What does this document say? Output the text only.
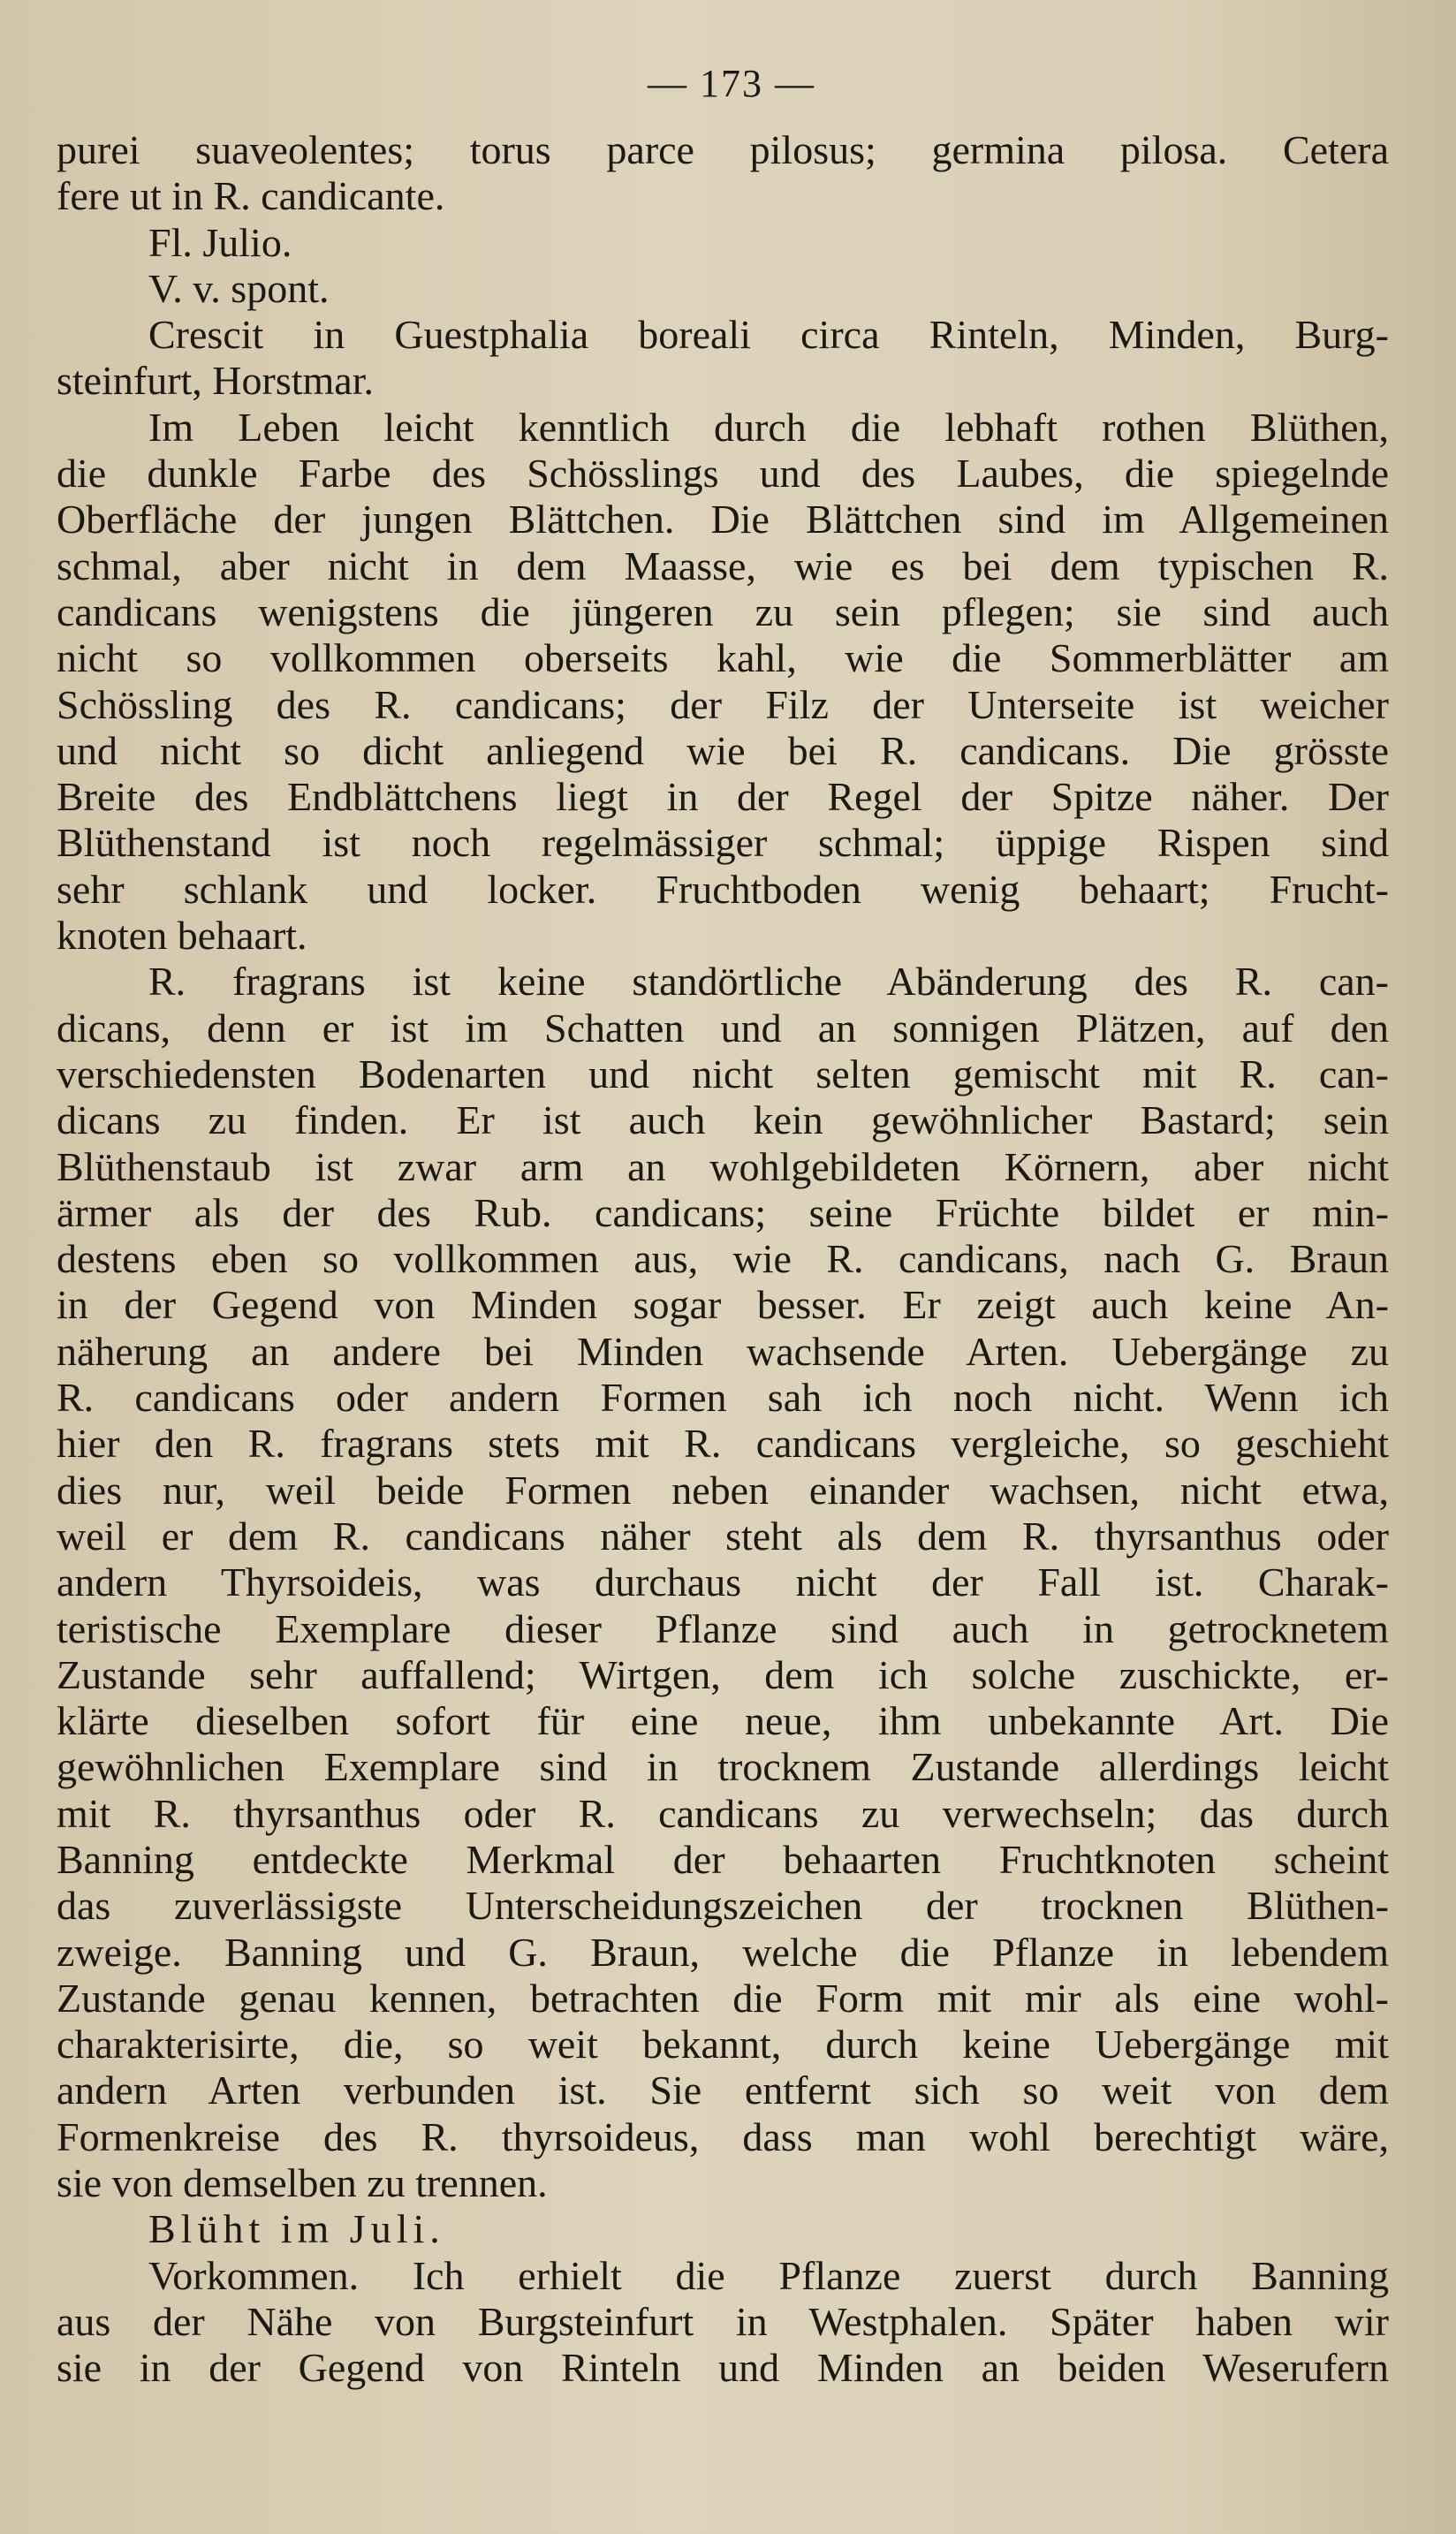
— 173 —
purei suaveolentes; torus parce pilosus; germina pilosa. Cetera
fere ut in R. candicante.
Fl. Julio.
V. v. spont.
Crescit in Guestphalia boreali circa Rinteln, Minden, Burg-
steinfurt, Horstmar.
Im Leben leicht kenntlich durch die lebhaft rothen Blüthen,
die dunkle Farbe des Schösslings und des Laubes, die spiegelnde
Oberfläche der jungen Blättchen. Die Blättchen sind im Allgemeinen
schmal, aber nicht in dem Maasse, wie es bei dem typischen R.
candicans wenigstens die jüngeren zu sein pflegen; sie sind auch
nicht so vollkommen oberseits kahl, wie die Sommerblätter am
Schössling des R. candicans; der Filz der Unterseite ist weicher
und nicht so dicht anliegend wie bei R. candicans. Die grösste
Breite des Endblättchens liegt in der Regel der Spitze näher. Der
Blüthenstand ist noch regelmässiger schmal; üppige Rispen sind
sehr schlank und locker. Fruchtboden wenig behaart; Frucht-
knoten behaart.
R. fragrans ist keine standörtliche Abänderung des R. can-
dicans, denn er ist im Schatten und an sonnigen Plätzen, auf den
verschiedensten Bodenarten und nicht selten gemischt mit R. can-
dicans zu finden. Er ist auch kein gewöhnlicher Bastard; sein
Blüthenstaub ist zwar arm an wohlgebildeten Körnern, aber nicht
ärmer als der des Rub. candicans; seine Früchte bildet er min-
destens eben so vollkommen aus, wie R. candicans, nach G. Braun
in der Gegend von Minden sogar besser. Er zeigt auch keine An-
näherung an andere bei Minden wachsende Arten. Uebergänge zu
R. candicans oder andern Formen sah ich noch nicht. Wenn ich
hier den R. fragrans stets mit R. candicans vergleiche, so geschieht
dies nur, weil beide Formen neben einander wachsen, nicht etwa,
weil er dem R. candicans näher steht als dem R. thyrsanthus oder
andern Thyrsoideis, was durchaus nicht der Fall ist. Charak-
teristische Exemplare dieser Pflanze sind auch in getrocknetem
Zustande sehr auffallend; Wirtgen, dem ich solche zuschickte, er-
klärte dieselben sofort für eine neue, ihm unbekannte Art. Die
gewöhnlichen Exemplare sind in trocknem Zustande allerdings leicht
mit R. thyrsanthus oder R. candicans zu verwechseln; das durch
Banning entdeckte Merkmal der behaarten Fruchtknoten scheint
das zuverlässigste Unterscheidungszeichen der trocknen Blüthen-
zweige. Banning und G. Braun, welche die Pflanze in lebendem
Zustande genau kennen, betrachten die Form mit mir als eine wohl-
charakterisirte, die, so weit bekannt, durch keine Uebergänge mit
andern Arten verbunden ist. Sie entfernt sich so weit von dem
Formenkreise des R. thyrsoideus, dass man wohl berechtigt wäre,
sie von demselben zu trennen.
Blüht im Juli.
Vorkommen. Ich erhielt die Pflanze zuerst durch Banning
aus der Nähe von Burgsteinfurt in Westphalen. Später haben wir
sie in der Gegend von Rinteln und Minden an beiden Weserufern
